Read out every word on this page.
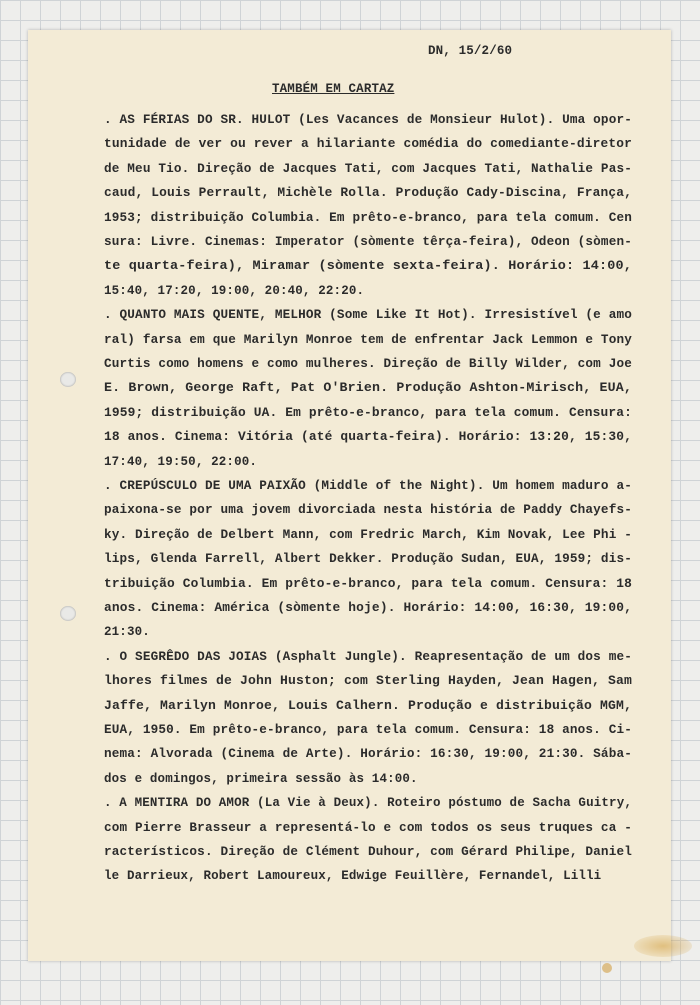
DN, 15/2/60
TAMBÉM EM CARTAZ
. AS FÉRIAS DO SR. HULOT (Les Vacances de Monsieur Hulot). Uma opor-
tunidade de ver ou rever a hilariante comédia do comediante-diretor
de Meu Tio. Direção de Jacques Tati, com Jacques Tati, Nathalie Pas-
caud, Louis Perrault, Michèle Rolla. Produção Cady-Discina, França,
1953; distribuição Columbia. Em prêto-e-branco, para tela comum. Cen
sura: Livre. Cinemas: Imperator (sòmente têrça-feira), Odeon (sòmen-
te quarta-feira), Miramar (sòmente sexta-feira). Horário: 14:00,
15:40, 17:20, 19:00, 20:40, 22:20.
. QUANTO MAIS QUENTE, MELHOR (Some Like It Hot). Irresistível (e amo
ral) farsa em que Marilyn Monroe tem de enfrentar Jack Lemmon e Tony
Curtis como homens e como mulheres. Direção de Billy Wilder, com Joe
E. Brown, George Raft, Pat O'Brien. Produção Ashton-Mirisch, EUA,
1959; distribuição UA. Em prêto-e-branco, para tela comum. Censura:
18 anos. Cinema: Vitória (até quarta-feira). Horário: 13:20, 15:30,
17:40, 19:50, 22:00.
. CREPÚSCULO DE UMA PAIXÃO (Middle of the Night). Um homem maduro a-
paixona-se por uma jovem divorciada nesta história de Paddy Chayefs-
ky. Direção de Delbert Mann, com Fredric March, Kim Novak, Lee Phi -
lips, Glenda Farrell, Albert Dekker. Produção Sudan, EUA, 1959; dis-
tribuição Columbia. Em prêto-e-branco, para tela comum. Censura: 18
anos. Cinema: América (sòmente hoje). Horário: 14:00, 16:30, 19:00,
21:30.
. O SEGRÊDO DAS JOIAS (Asphalt Jungle). Reapresentação de um dos me-
lhores filmes de John Huston; com Sterling Hayden, Jean Hagen, Sam
Jaffe, Marilyn Monroe, Louis Calhern. Produção e distribuição MGM,
EUA, 1950. Em prêto-e-branco, para tela comum. Censura: 18 anos. Ci-
nema: Alvorada (Cinema de Arte). Horário: 16:30, 19:00, 21:30. Sába-
dos e domingos, primeira sessão às 14:00.
. A MENTIRA DO AMOR (La Vie à Deux). Roteiro póstumo de Sacha Guitry,
com Pierre Brasseur a representá-lo e com todos os seus truques ca -
racterísticos. Direção de Clément Duhour, com Gérard Philipe, Daniel
le Darrieux, Robert Lamoureux, Edwige Feuillère, Fernandel, Lilli
